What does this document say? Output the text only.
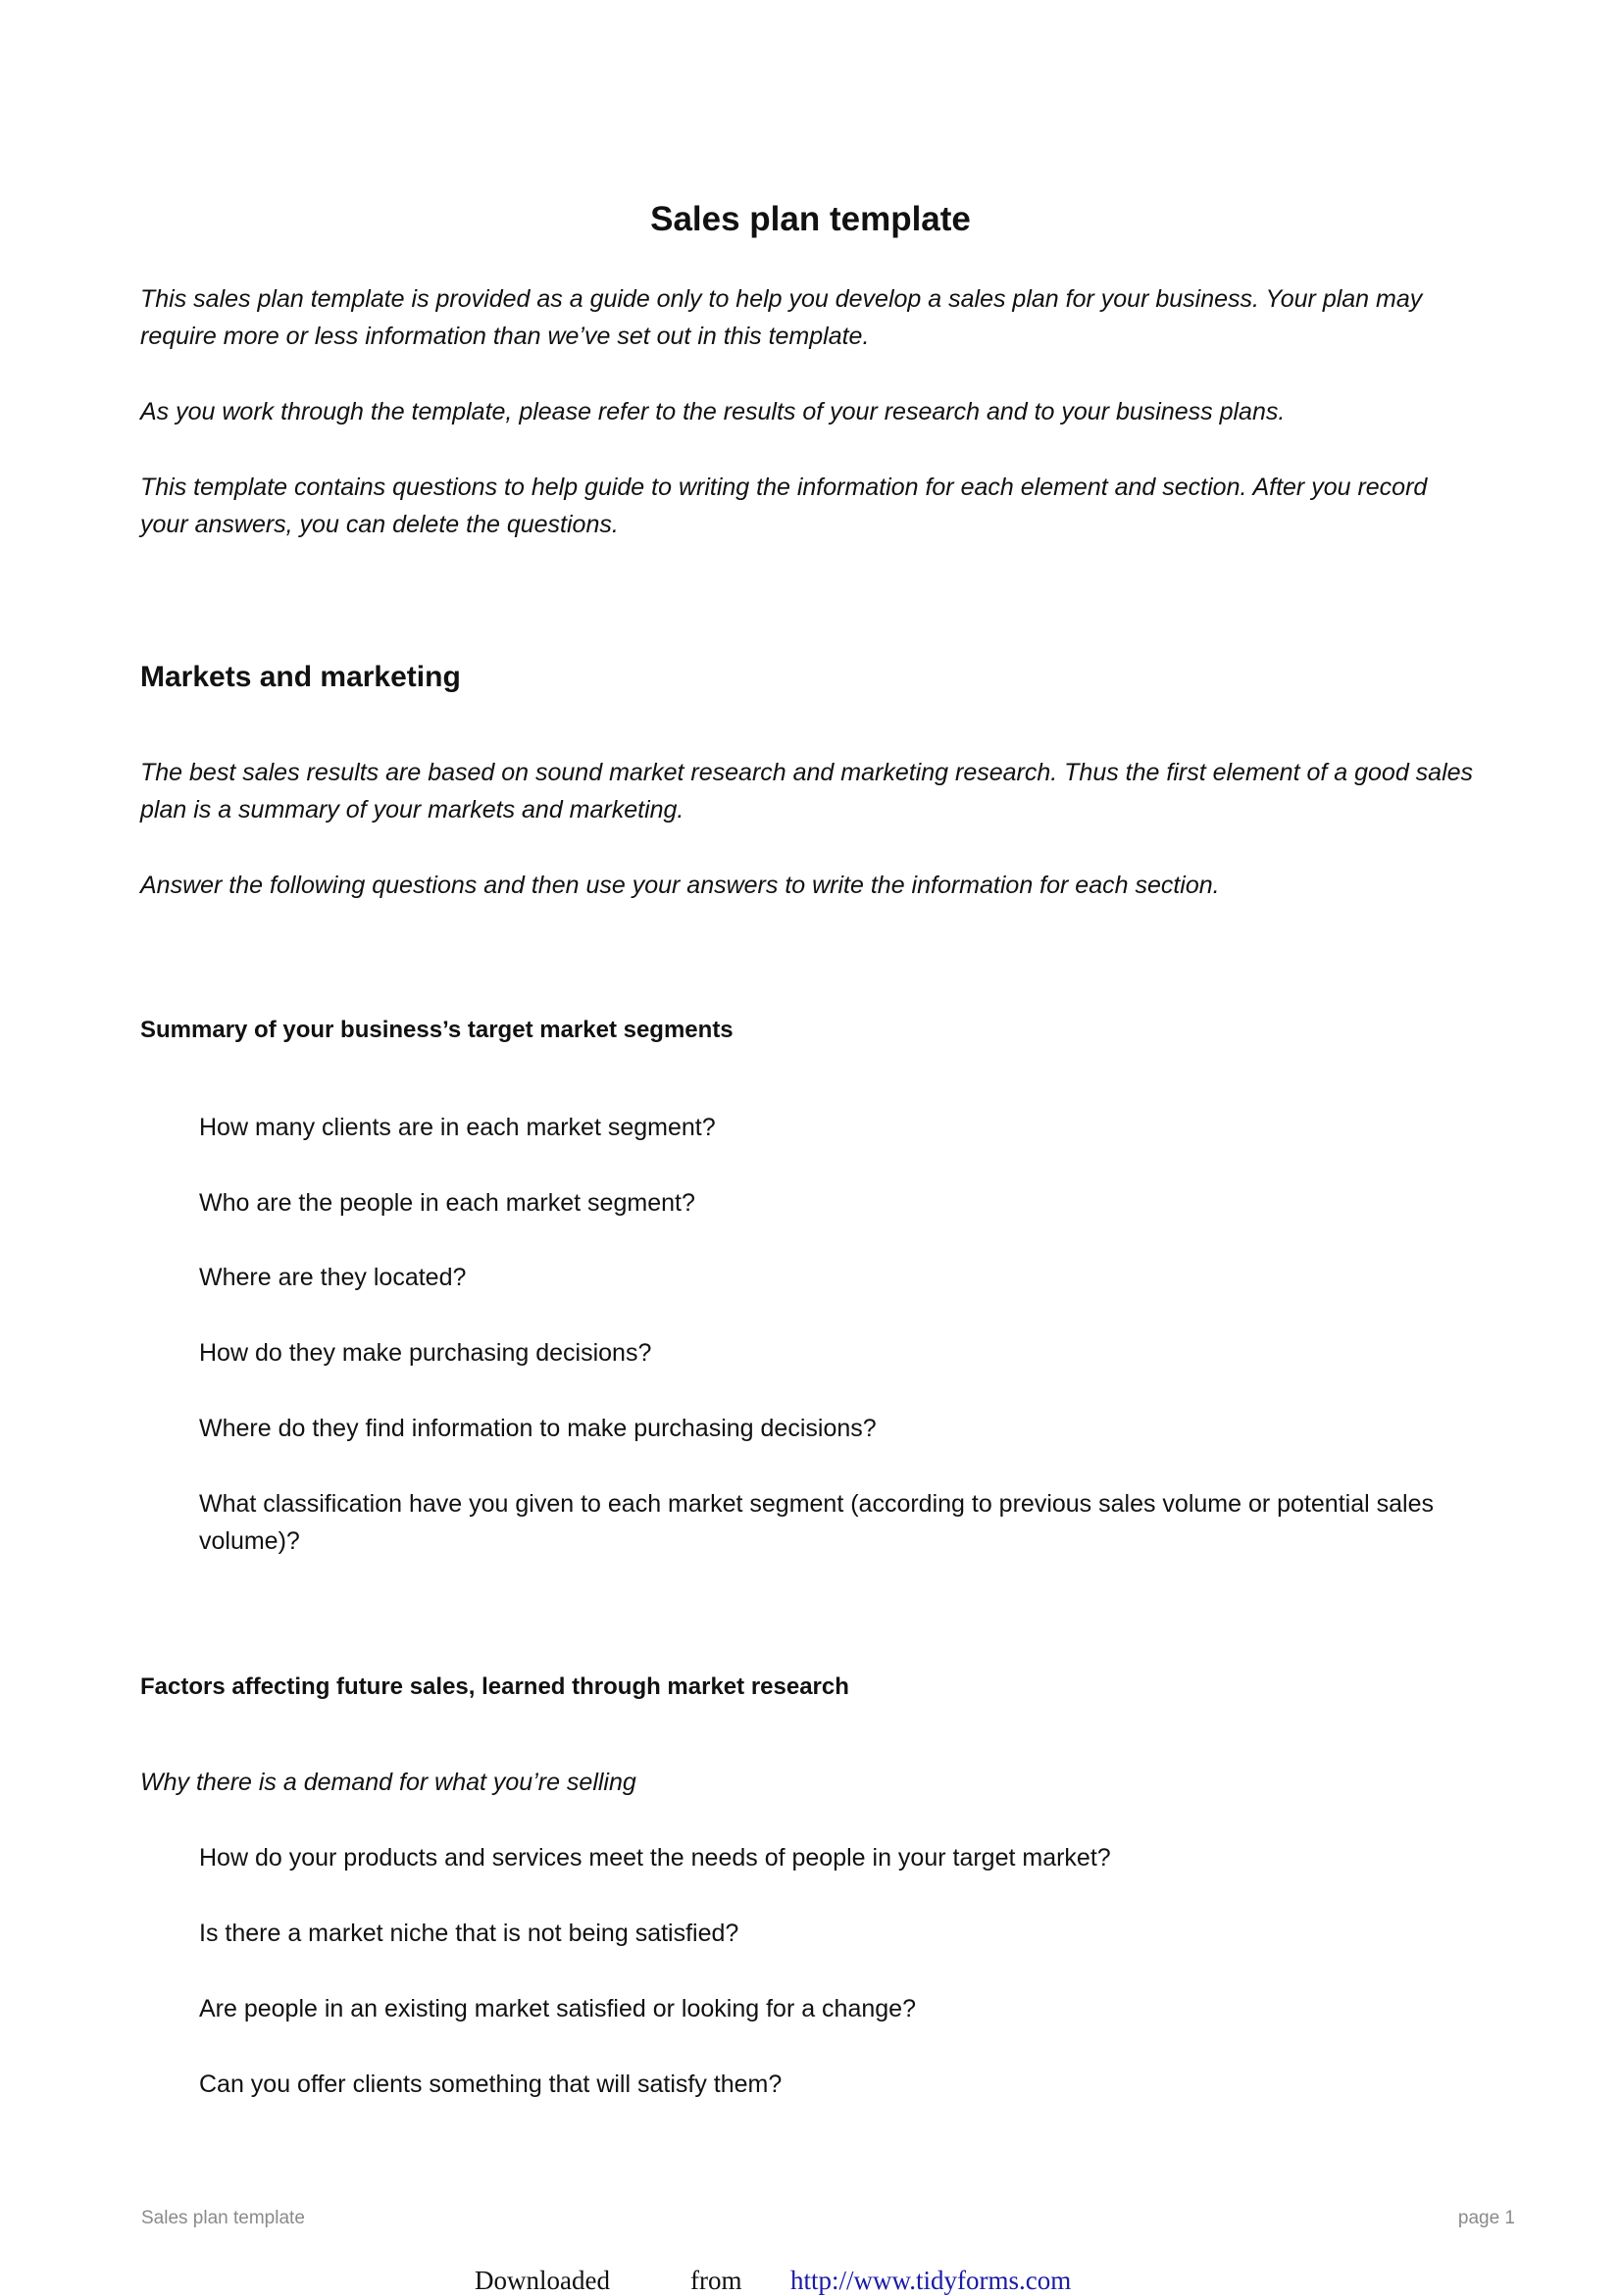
Sales plan template
This sales plan template is provided as a guide only to help you develop a sales plan for your business. Your plan may
require more or less information than we’ve set out in this template.
As you work through the template, please refer to the results of your research and to your business plans.
This template contains questions to help guide to writing the information for each element and section. After you record
your answers, you can delete the questions.
Markets and marketing
The best sales results are based on sound market research and marketing research. Thus the first element of a good sales
plan is a summary of your markets and marketing.
Answer the following questions and then use your answers to write the information for each section.
Summary of your business’s target market segments
How many clients are in each market segment?
Who are the people in each market segment?
Where are they located?
How do they make purchasing decisions?
Where do they find information to make purchasing decisions?
What classification have you given to each market segment (according to previous sales volume or potential sales
volume)?
Factors affecting future sales, learned through market research
Why there is a demand for what you’re selling
How do your products and services meet the needs of people in your target market?
Is there a market niche that is not being satisfied?
Are people in an existing market satisfied or looking for a change?
Can you offer clients something that will satisfy them?
Sales plan template	page 1
Downloaded	from http://www.tidyforms.com
